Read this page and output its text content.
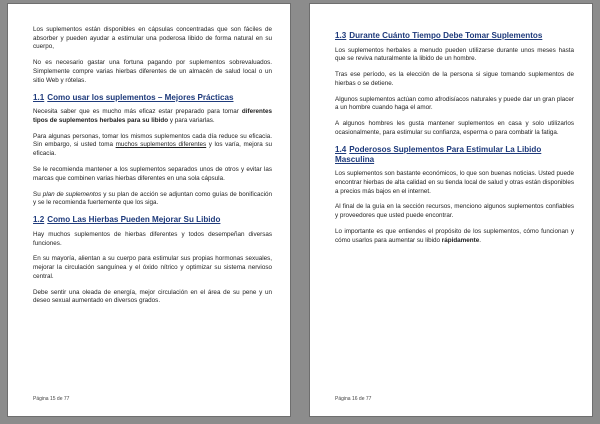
Los suplementos están disponibles en cápsulas concentradas que son fáciles de absorber y pueden ayudar a estimular una poderosa libido de forma natural en su cuerpo,

No es necesario gastar una fortuna pagando por suplementos sobrevaluados. Simplemente compre varias hierbas diferentes de un almacén de salud local o un sitio Web y rótelas.

1.1 Como usar los suplementos – Mejores Prácticas

Necesita saber que es mucho más eficaz estar preparado para tomar diferentes tipos de suplementos herbales para su libido y para variarlas.

Para algunas personas, tomar los mismos suplementos cada día reduce su eficacia. Sin embargo, si usted toma muchos suplementos diferentes y los varía, mejora su eficacia.

Se le recomienda mantener a los suplementos separados unos de otros y evitar las marcas que combinen varias hierbas diferentes en una sola cápsula.

Su plan de suplementos y su plan de acción se adjuntan como guías de bonificación y se le recomienda fuertemente que los siga.

1.2 Como Las Hierbas Pueden Mejorar Su Libido

Hay muchos suplementos de hierbas diferentes y todos desempeñan diversas funciones.

En su mayoría, alientan a su cuerpo para estimular sus propias hormonas sexuales, mejorar la circulación sanguínea y el óxido nítrico y optimizar su sistema nervioso central.

Debe sentir una oleada de energía, mejor circulación en el área de su pene y un deseo sexual aumentado en diversos grados.

Página 15 de 77
1.3 Durante Cuánto Tiempo Debe Tomar Suplementos

Los suplementos herbales a menudo pueden utilizarse durante unos meses hasta que se reviva naturalmente la libido de un hombre.

Tras ese período, es la elección de la persona si sigue tomando suplementos de hierbas o se detiene.

Algunos suplementos actúan como afrodisíacos naturales y puede dar un gran placer a un hombre cuando haga el amor.

A algunos hombres les gusta mantener suplementos en casa y solo utilizarlos ocasionalmente, para estimular su confianza, esperma o para combatir la fatiga.

1.4 Poderosos Suplementos Para Estimular La Libido Masculina

Los suplementos son bastante económicos, lo que son buenas noticias. Usted puede encontrar hierbas de alta calidad en su tienda local de salud y otras están disponibles a precios más bajos en el internet.

Al final de la guía en la sección recursos, menciono algunos suplementos confiables y proveedores que usted puede encontrar.

Lo importante es que entiendes el propósito de los suplementos, cómo funcionan y cómo usarlos para aumentar su libido rápidamente.

Página 16 de 77
